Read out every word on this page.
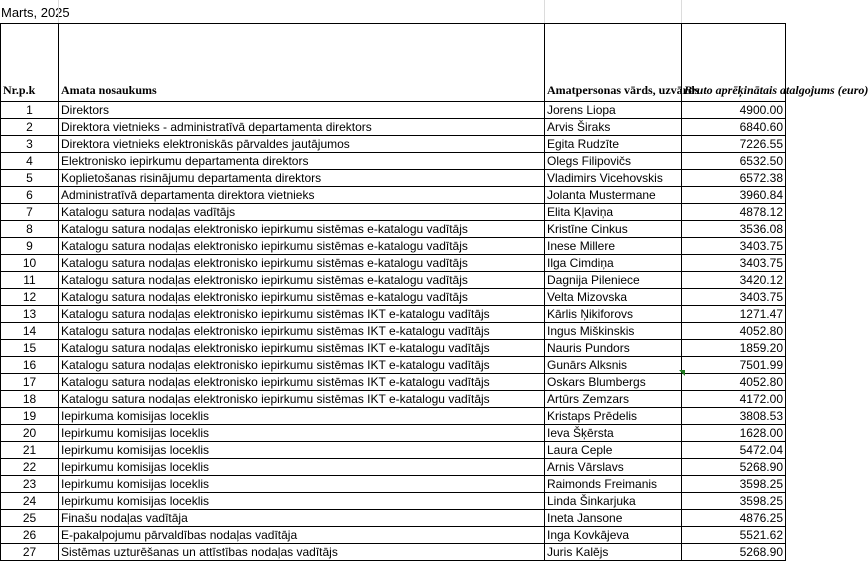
Marts, 2025
Nr.p.k	Amata nosaukums	Amatpersonas vārds, uzvārds	Bruto aprēķinātais atalgojums (euro)
1	Direktors	Jorens Liopa	4900.00
2	Direktora vietnieks - administratīvā departamenta direktors	Arvis Širaks	6840.60
3	Direktora vietnieks elektroniskās pārvaldes jautājumos	Egita Rudzīte	7226.55
4	Elektronisko iepirkumu departamenta direktors	Olegs Filipovičs	6532.50
5	Koplietošanas risinājumu departamenta direktors	Vladimirs Vicehovskis	6572.38
6	Administratīvā departamenta direktora vietnieks	Jolanta Mustermane	3960.84
7	Katalogu satura nodaļas vadītājs	Elita Kļaviņa	4878.12
8	Katalogu satura nodaļas elektronisko iepirkumu sistēmas e-katalogu vadītājs	Kristīne Cinkus	3536.08
9	Katalogu satura nodaļas elektronisko iepirkumu sistēmas e-katalogu vadītājs	Inese Millere	3403.75
10	Katalogu satura nodaļas elektronisko iepirkumu sistēmas e-katalogu vadītājs	Ilga Cimdiņa	3403.75
11	Katalogu satura nodaļas elektronisko iepirkumu sistēmas e-katalogu vadītājs	Dagnija Pileniece	3420.12
12	Katalogu satura nodaļas elektronisko iepirkumu sistēmas e-katalogu vadītājs	Velta Mizovska	3403.75
13	Katalogu satura nodaļas elektronisko iepirkumu sistēmas IKT e-katalogu vadītājs	Kārlis Ņikiforovs	1271.47
14	Katalogu satura nodaļas elektronisko iepirkumu sistēmas IKT e-katalogu vadītājs	Ingus Miškinskis	4052.80
15	Katalogu satura nodaļas elektronisko iepirkumu sistēmas IKT e-katalogu vadītājs	Nauris Pundors	1859.20
16	Katalogu satura nodaļas elektronisko iepirkumu sistēmas IKT e-katalogu vadītājs	Gunārs Alksnis	7501.99
17	Katalogu satura nodaļas elektronisko iepirkumu sistēmas IKT e-katalogu vadītājs	Oskars Blumbergs	4052.80
18	Katalogu satura nodaļas elektronisko iepirkumu sistēmas IKT e-katalogu vadītājs	Artūrs Zemzars	4172.00
19	Iepirkuma komisijas loceklis	Kristaps Prēdelis	3808.53
20	Iepirkumu komisijas loceklis	Ieva Šķērsta	1628.00
21	Iepirkumu komisijas loceklis	Laura Ceple	5472.04
22	Iepirkumu komisijas loceklis	Arnis Vārslavs	5268.90
23	Iepirkumu komisijas loceklis	Raimonds Freimanis	3598.25
24	Iepirkumu komisijas loceklis	Linda Šinkarjuka	3598.25
25	Finašu nodaļas vadītāja	Ineta Jansone	4876.25
26	E-pakalpojumu pārvaldības nodaļas vadītāja	Inga Kovkājeva	5521.62
27	Sistēmas uzturēšanas un attīstības nodaļas vadītājs	Juris Kalējs	5268.90
